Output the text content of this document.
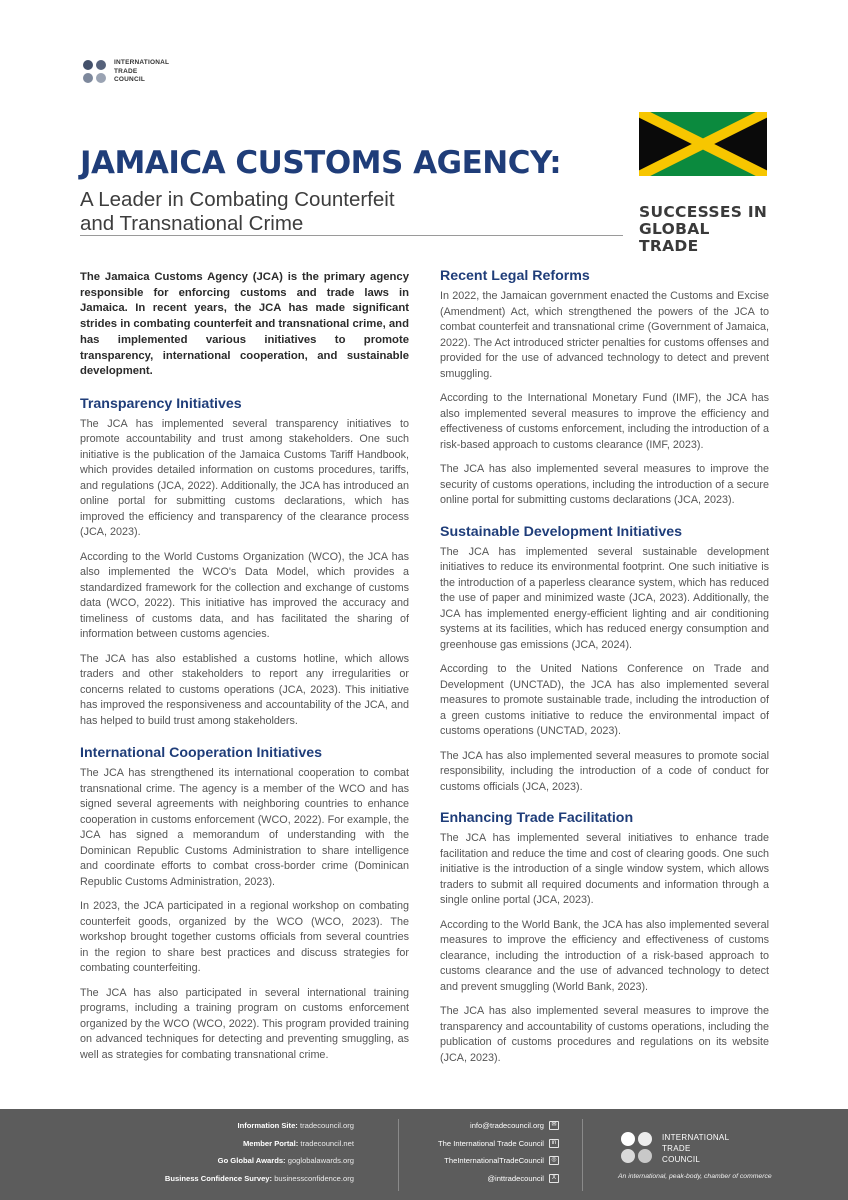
INTERNATIONAL
TRADE
COUNCIL
JAMAICA CUSTOMS AGENCY:
A Leader in Combating Counterfeit
and Transnational Crime	SUCCESSES IN
GLOBAL TRADE
The Jamaica Customs Agency (JCA) is the primary agency responsible for enforcing customs and trade laws in Jamaica. In recent years, the JCA has made significant strides in combating counterfeit and transnational crime, and has implemented various initiatives to promote transparency, international cooperation, and sustainable development.
Transparency Initiatives
The JCA has implemented several transparency initiatives to promote accountability and trust among stakeholders. One such initiative is the publication of the Jamaica Customs Tariff Handbook, which provides detailed information on customs procedures, tariffs, and regulations (JCA, 2022). Additionally, the JCA has introduced an online portal for submitting customs declarations, which has improved the efficiency and transparency of the clearance process (JCA, 2023).
According to the World Customs Organization (WCO), the JCA has also implemented the WCO's Data Model, which provides a standardized framework for the collection and exchange of customs data (WCO, 2022). This initiative has improved the accuracy and timeliness of customs data, and has facilitated the sharing of information between customs agencies.
The JCA has also established a customs hotline, which allows traders and other stakeholders to report any irregularities or concerns related to customs operations (JCA, 2023). This initiative has improved the responsiveness and accountability of the JCA, and has helped to build trust among stakeholders.
International Cooperation Initiatives
The JCA has strengthened its international cooperation to combat transnational crime. The agency is a member of the WCO and has signed several agreements with neighboring countries to enhance cooperation in customs enforcement (WCO, 2022). For example, the JCA has signed a memorandum of understanding with the Dominican Republic Customs Administration to share intelligence and coordinate efforts to combat cross-border crime (Dominican Republic Customs Administration, 2023).
In 2023, the JCA participated in a regional workshop on combating counterfeit goods, organized by the WCO (WCO, 2023). The workshop brought together customs officials from several countries in the region to share best practices and discuss strategies for combating counterfeiting.
The JCA has also participated in several international training programs, including a training program on customs enforcement organized by the WCO (WCO, 2022). This program provided training on advanced techniques for detecting and preventing smuggling, as well as strategies for combating transnational crime.
Recent Legal Reforms
In 2022, the Jamaican government enacted the Customs and Excise (Amendment) Act, which strengthened the powers of the JCA to combat counterfeit and transnational crime (Government of Jamaica, 2022). The Act introduced stricter penalties for customs offenses and provided for the use of advanced technology to detect and prevent smuggling.
According to the International Monetary Fund (IMF), the JCA has also implemented several measures to improve the efficiency and effectiveness of customs enforcement, including the introduction of a risk-based approach to customs clearance (IMF, 2023).
The JCA has also implemented several measures to improve the security of customs operations, including the introduction of a secure online portal for submitting customs declarations (JCA, 2023).
Sustainable Development Initiatives
The JCA has implemented several sustainable development initiatives to reduce its environmental footprint. One such initiative is the introduction of a paperless clearance system, which has reduced the use of paper and minimized waste (JCA, 2023). Additionally, the JCA has implemented energy-efficient lighting and air conditioning systems at its facilities, which has reduced energy consumption and greenhouse gas emissions (JCA, 2024).
According to the United Nations Conference on Trade and Development (UNCTAD), the JCA has also implemented several measures to promote sustainable trade, including the introduction of a green customs initiative to reduce the environmental impact of customs operations (UNCTAD, 2023).
The JCA has also implemented several measures to promote social responsibility, including the introduction of a code of conduct for customs officials (JCA, 2023).
Enhancing Trade Facilitation
The JCA has implemented several initiatives to enhance trade facilitation and reduce the time and cost of clearing goods. One such initiative is the introduction of a single window system, which allows traders to submit all required documents and information through a single online portal (JCA, 2023).
According to the World Bank, the JCA has also implemented several measures to improve the efficiency and effectiveness of customs clearance, including the introduction of a risk-based approach to customs clearance and the use of advanced technology to detect and prevent smuggling (World Bank, 2023).
The JCA has also implemented several measures to improve the transparency and accountability of customs operations, including the publication of customs procedures and regulations on its website (JCA, 2023).
Information Site: tradecouncil.org
Member Portal: tradecouncil.net
Go Global Awards: goglobalawards.org
Business Confidence Survey: businessconfidence.org
info@tradecouncil.org	✉
The International Trade Council	in
TheInternationalTradeCouncil	◎
@inttradecouncil	X
INTERNATIONAL
TRADE
COUNCIL
An international, peak-body, chamber of commerce
